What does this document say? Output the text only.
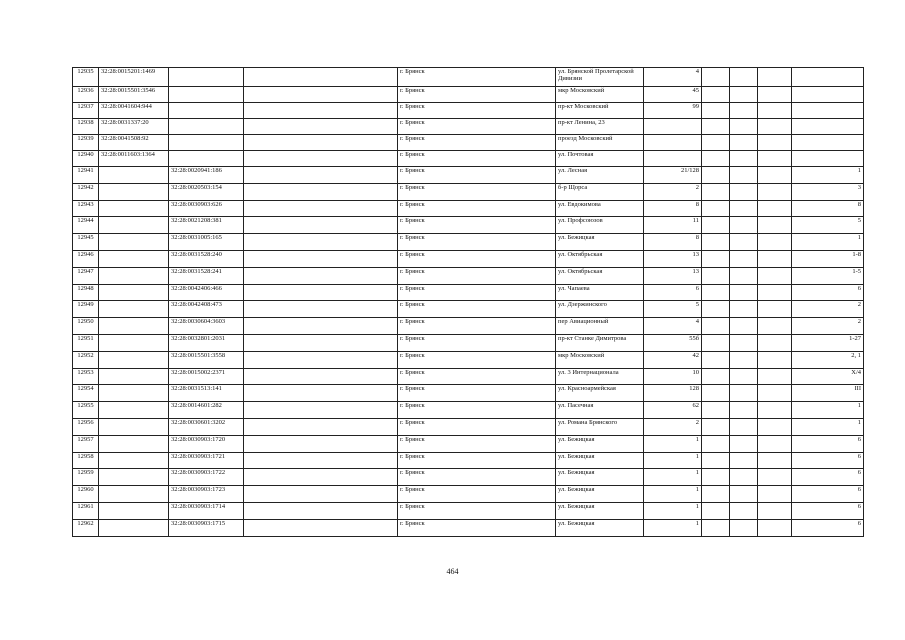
12935	32:28:0015201:1469			г. Брянск	ул. Брянской Пролетарской Дивизии	4				
12936	32:28:0015501:3546			г. Брянск	мкр Московский	45				
12937	32:28:0041604:944			г. Брянск	пр-кт Московский	99				
12938	32:28:0031337:20			г. Брянск	пр-кт Ленина, 23					
12939	32:28:0041508:92			г. Брянск	проезд Московский					
12940	32:28:0011603:1364			г. Брянск	ул. Почтовая					
12941		32:28:0020941:186		г. Брянск	ул. Лесная	21/128				1
12942		32:28:0020503:154		г. Брянск	б-р Щорса	2				3
12943		32:28:0030903:626		г. Брянск	ул. Евдокимова	8				8
12944		32:28:0021208:381		г. Брянск	ул. Профсоюзов	11				5
12945		32:28:0031005:165		г. Брянск	ул. Бежицкая	8				1
12946		32:28:0031528:240		г. Брянск	ул. Октябрьская	13				1-8
12947		32:28:0031528:241		г. Брянск	ул. Октябрьская	13				1-5
12948		32:28:0042406:466		г. Брянск	ул. Чапаева	6				6
12949		32:28:0042408:473		г. Брянск	ул. Дзержинского	5				2
12950		32:28:0030604:3603		г. Брянск	пер Авиационный	4				2
12951		32:28:0032801:2031		г. Брянск	пр-кт Станке Димитрова	55б				1-27
12952		32:28:0015501:3558		г. Брянск	мкр Московский	42				2, 1
12953		32:28:0015002:2371		г. Брянск	ул. 3 Интернационала	10				X/4
12954		32:28:0031513:141		г. Брянск	ул. Красноармейская	128				III
12955		32:28:0014601:282		г. Брянск	ул. Пасечная	62				1
12956		32:28:0030601:3202		г. Брянск	ул. Романа Брянского	2				1
12957		32:28:0030903:1720		г. Брянск	ул. Бежицкая	1				6
12958		32:28:0030903:1721		г. Брянск	ул. Бежицкая	1				6
12959		32:28:0030903:1722		г. Брянск	ул. Бежицкая	1				6
12960		32:28:0030903:1723		г. Брянск	ул. Бежицкая	1				6
12961		32:28:0030903:1714		г. Брянск	ул. Бежицкая	1				6
12962		32:28:0030903:1715		г. Брянск	ул. Бежицкая	1				6
464
